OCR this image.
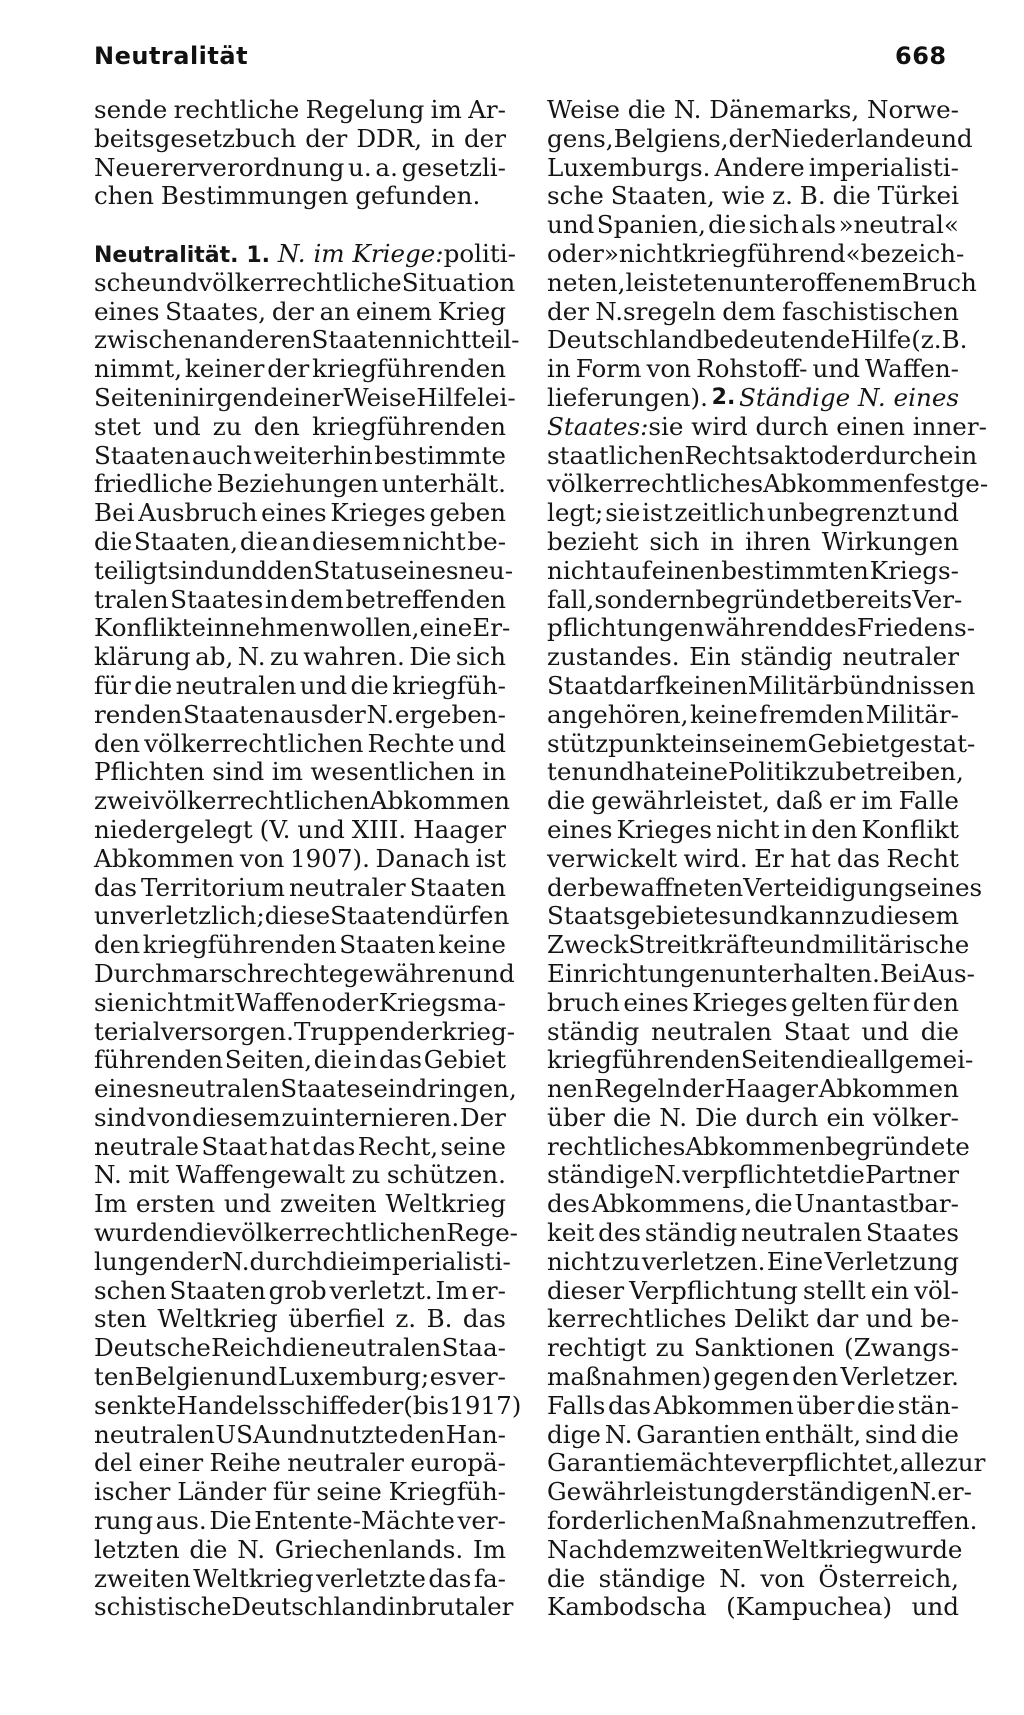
Neutralität	668
sende rechtliche Regelung im Ar-
beitsgesetzbuch der DDR, in der
Neuererverordnung u. a. gesetzli-
chen Bestimmungen gefunden.
Neutralität. 1. N. im Kriege: politi-
sche und völkerrechtliche Situation
eines Staates, der an einem Krieg
zwischen anderen Staaten nicht teil-
nimmt, keiner der kriegführenden
Seiten in irgendeiner Weise Hilfe lei-
stet und zu den kriegführenden
Staaten auch weiterhin bestimmte
friedliche Beziehungen unterhält.
Bei Ausbruch eines Krieges geben
die Staaten, die an diesem nicht be-
teiligt sind und den Status eines neu-
tralen Staates in dem betreffenden
Konflikt einnehmen wollen, eine Er-
klärung ab, N. zu wahren. Die sich
für die neutralen und die kriegfüh-
renden Staaten aus der N. ergeben-
den völkerrechtlichen Rechte und
Pflichten sind im wesentlichen in
zwei völkerrechtlichen Abkommen
niedergelegt (V. und XIII. Haager
Abkommen von 1907). Danach ist
das Territorium neutraler Staaten
unverletzlich; diese Staaten dürfen
den kriegführenden Staaten keine
Durchmarschrechte gewähren und
sie nicht mit Waffen oder Kriegsma-
terial versorgen. Truppen der krieg-
führenden Seiten, die in das Gebiet
eines neutralen Staates eindringen,
sind von diesem zu internieren. Der
neutrale Staat hat das Recht, seine
N. mit Waffengewalt zu schützen.
Im ersten und zweiten Weltkrieg
wurden die völkerrechtlichen Rege-
lungen der N. durch die imperialisti-
schen Staaten grob verletzt. Im er-
sten Weltkrieg überfiel z. B. das
Deutsche Reich die neutralen Staa-
ten Belgien und Luxemburg; es ver-
senkte Handelsschiffe der (bis 1917)
neutralen USA und nutzte den Han-
del einer Reihe neutraler europä-
ischer Länder für seine Kriegfüh-
rung aus. Die Entente-Mächte ver-
letzten die N. Griechenlands. Im
zweiten Weltkrieg verletzte das fa-
schistische Deutschland in brutaler
Weise die N. Dänemarks, Norwe-
gens, Belgiens, der Niederlande und
Luxemburgs. Andere imperialisti-
sche Staaten, wie z. B. die Türkei
und Spanien, die sich als »neutral«
oder »nichtkriegführend« bezeich-
neten, leisteten unter offenem Bruch
der N.sregeln dem faschistischen
Deutschland bedeutende Hilfe (z. B.
in Form von Rohstoff- und Waffen-
lieferungen). 2. Ständige N. eines
Staates: sie wird durch einen inner-
staatlichen Rechtsakt oder durch ein
völkerrechtliches Abkommen festge-
legt; sie ist zeitlich unbegrenzt und
bezieht sich in ihren Wirkungen
nicht auf einen bestimmten Kriegs-
fall, sondern begründet bereits Ver-
pflichtungen während des Friedens-
zustandes. Ein ständig neutraler
Staat darf keinen Militärbündnissen
angehören, keine fremden Militär-
stützpunkte in seinem Gebiet gestat-
ten und hat eine Politik zu betreiben,
die gewährleistet, daß er im Falle
eines Krieges nicht in den Konflikt
verwickelt wird. Er hat das Recht
der bewaffneten Verteidigung seines
Staatsgebietes und kann zu diesem
Zweck Streitkräfte und militärische
Einrichtungen unterhalten. Bei Aus-
bruch eines Krieges gelten für den
ständig neutralen Staat und die
kriegführenden Seiten die allgemei-
nen Regeln der Haager Abkommen
über die N. Die durch ein völker-
rechtliches Abkommen begründete
ständige N. verpflichtet die Partner
des Abkommens, die Unantastbar-
keit des ständig neutralen Staates
nicht zu verletzen. Eine Verletzung
dieser Verpflichtung stellt ein völ-
kerrechtliches Delikt dar und be-
rechtigt zu Sanktionen (Zwangs-
maßnahmen) gegen den Verletzer.
Falls das Abkommen über die stän-
dige N. Garantien enthält, sind die
Garantiemächte verpflichtet, alle zur
Gewährleistung der ständigen N. er-
forderlichen Maßnahmen zu treffen.
Nach dem zweiten Weltkrieg wurde
die ständige N. von Österreich,
Kambodscha (Kampuchea) und
